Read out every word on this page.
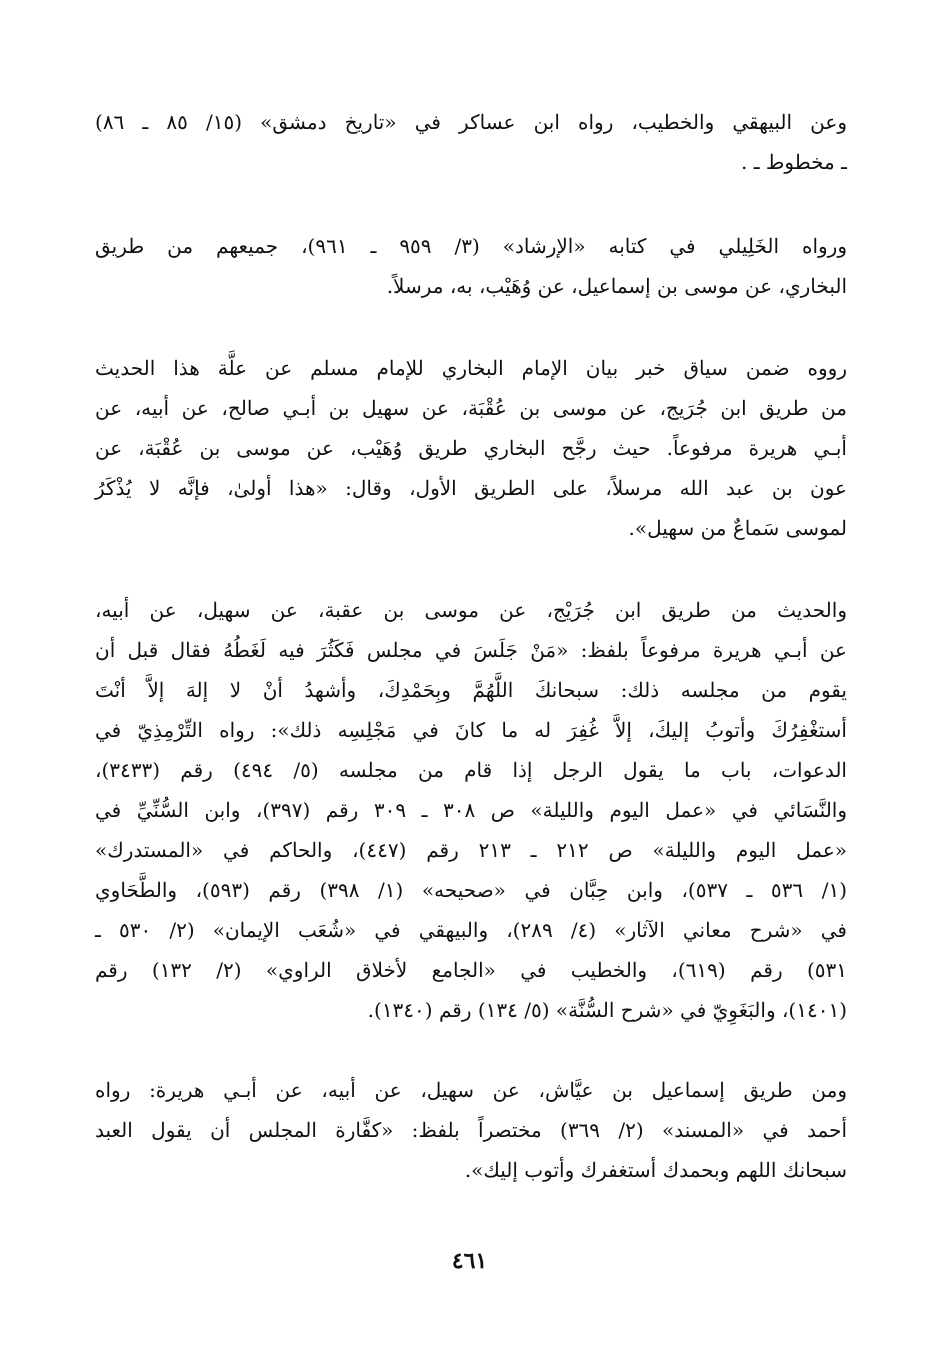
وعن البيهقي والخطيب، رواه ابن عساكر في «تاريخ دمشق» (١٥/ ٨٥ ـ ٨٦)
ـ مخطوط ـ .

ورواه الخَلِيلي في كتابه «الإرشاد» (٣/ ٩٥٩ ـ ٩٦١)، جميعهم من طريق
البخاري، عن موسى بن إسماعيل، عن وُهَيْب، به، مرسلاً.

رووه ضمن سياق خبر بيان الإمام البخاري للإمام مسلم عن علَّة هذا الحديث
من طريق ابن جُرَيج، عن موسى بن عُقْبَة، عن سهيل بن أبـي صالح، عن أبيه، عن
أبـي هريرة مرفوعاً. حيث رجَّح البخاري طريق وُهَيْب، عن موسى بن عُقْبَة، عن
عون بن عبد الله مرسلاً، على الطريق الأول، وقال: «هذا أولىٰ، فإنَّه لا يُذْكَرُ
لموسى سَماعٌ من سهيل».

والحديث من طريق ابن جُرَيْج، عن موسى بن عقبة، عن سهيل، عن أبيه،
عن أبـي هريرة مرفوعاً بلفظ: «مَنْ جَلَسَ في مجلس فَكَثُرَ فيه لَغَطُهُ فقال قبل أن
يقوم من مجلسه ذلك: سبحانكَ اللَّهُمَّ وبِحَمْدِكَ، وأشهدُ أنْ لا إلهَ إلاَّ أنْتَ
أستغْفِرُكَ وأتوبُ إليكَ، إلاَّ غُفِرَ له ما كانَ في مَجْلِسِه ذلك»: رواه التِّرْمِذِيّ في
الدعوات، باب ما يقول الرجل إذا قام من مجلسه (٥/ ٤٩٤) رقم (٣٤٣٣)،
والنَّسَائي في «عمل اليوم والليلة» ص ٣٠٨ ـ ٣٠٩ رقم (٣٩٧)، وابن السُّنِّيِّ في
«عمل اليوم والليلة» ص ٢١٢ ـ ٢١٣ رقم (٤٤٧)، والحاكم في «المستدرك»
(١/ ٥٣٦ ـ ٥٣٧)، وابن حِبَّان في «صحيحه» (١/ ٣٩٨) رقم (٥٩٣)، والطَّحَاوي
في «شرح معاني الآثار» (٤/ ٢٨٩)، والبيهقي في «شُعَب الإيمان» (٢/ ٥٣٠ ـ
٥٣١) رقم (٦١٩)، والخطيب في «الجامع لأخلاق الراوي» (٢/ ١٣٢) رقم
(١٤٠١)، والبَغَوِيّ في «شرح السُّنَّة» (٥/ ١٣٤) رقم (١٣٤٠).

ومن طريق إسماعيل بن عيَّاش، عن سهيل، عن أبيه، عن أبـي هريرة: رواه
أحمد في «المسند» (٢/ ٣٦٩) مختصراً بلفظ: «كفَّارة المجلس أن يقول العبد
سبحانك اللهم وبحمدك أستغفرك وأتوب إليك».

٤٦١
